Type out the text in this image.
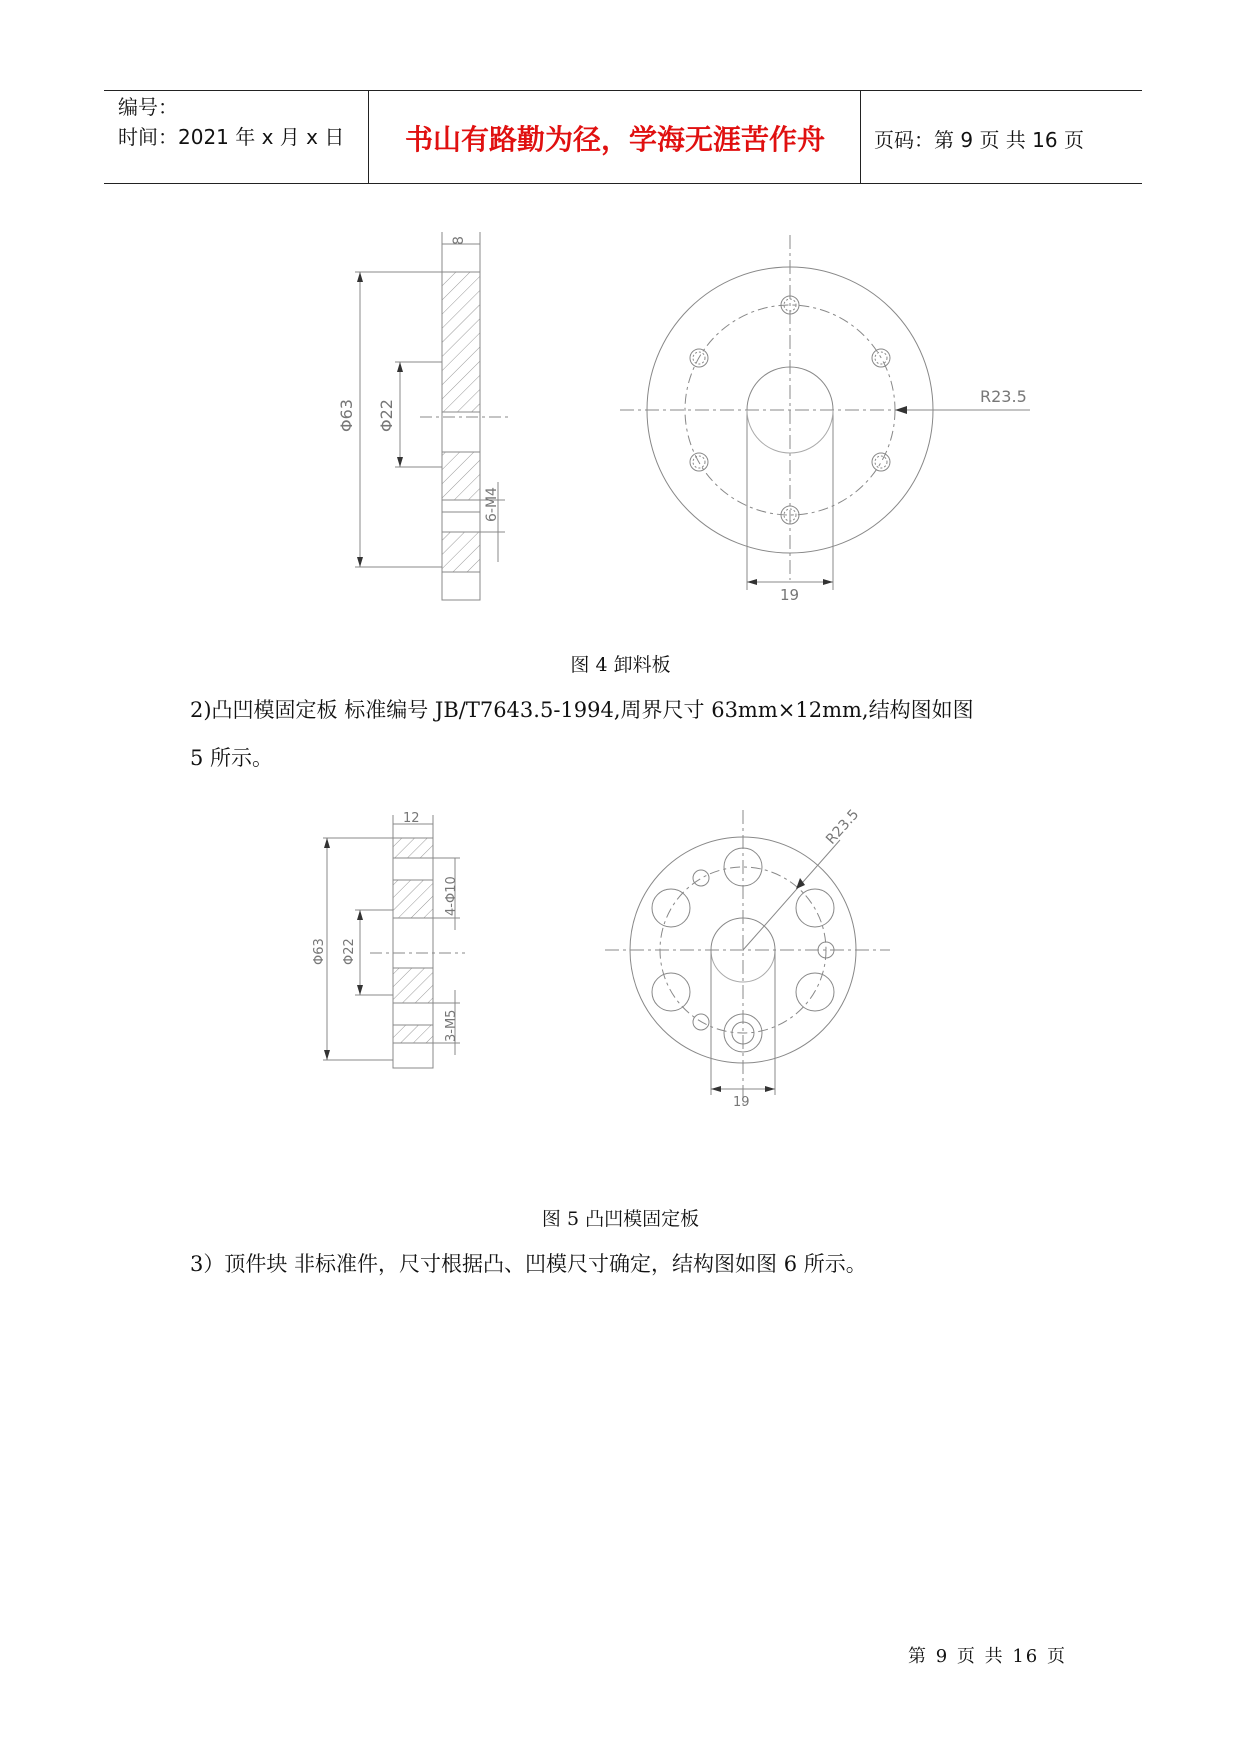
编号：
时间：2021 年 x 月 x 日	书山有路勤为径，学海无涯苦作舟	页码：第 9 页 共 16 页
8
Φ63 Φ22
6-M4
R23.5
19
图 4 卸料板
2)凸凹模固定板 标准编号 JB/T7643.5-1994,周界尺寸 63mm×12mm,结构图如图
5 所示。
12
Φ63 Φ22
4-Φ10
3-M5
R23.5
19
图 5 凸凹模固定板
3）顶件块 非标准件，尺寸根据凸、凹模尺寸确定，结构图如图 6 所示。
第 9 页 共 16 页
